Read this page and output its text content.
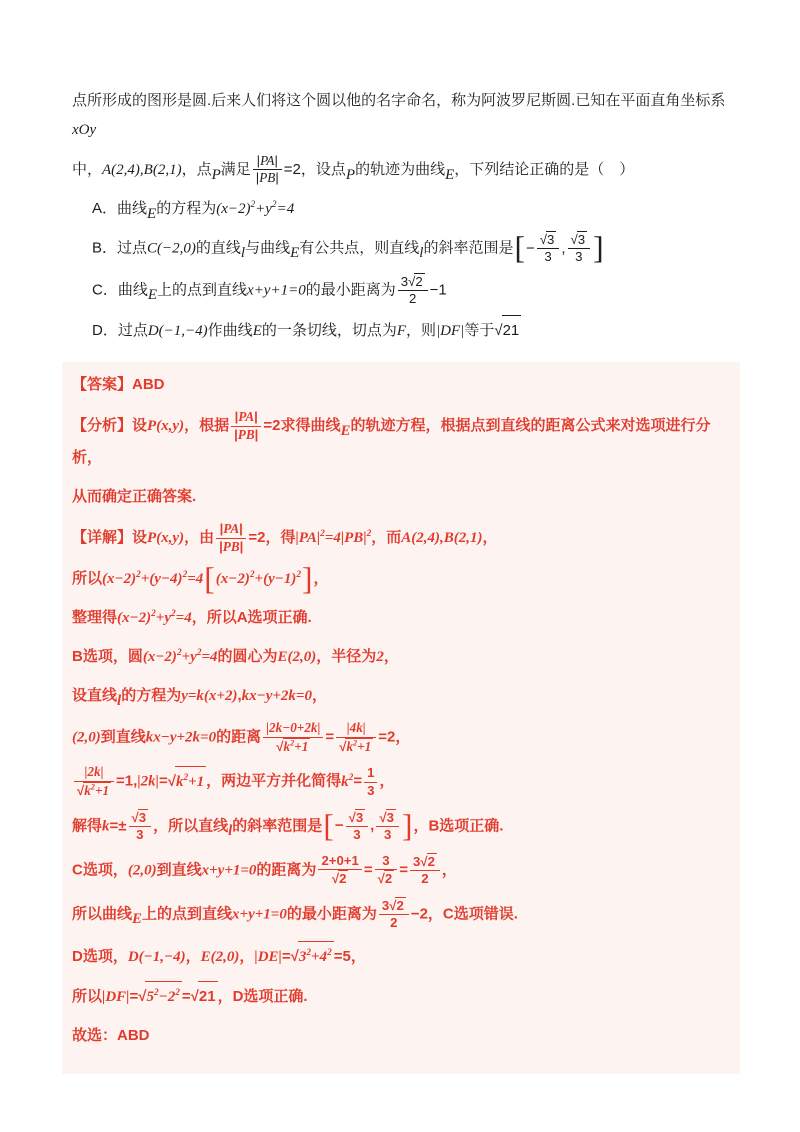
点所形成的图形是圆.后来人们将这个圆以他的名字命名，称为阿波罗尼斯圆.已知在平面直角坐标系xOy
中，A(2,4),B(2,1)，点P满足 $\frac{|PA|}{|PB|} =2$，设点P的轨迹为曲线E，下列结论正确的是（　）
A．曲线E的方程为$(x-2)^2+y^2=4$
B．过点C(−2,0)的直线l与曲线E有公共点，则直线l的斜率范围是 [ − $\frac{√3}{3}$ , $\frac{√3}{3}$ ]
C．曲线E上的点到直线x+y+1=0的最小距离为 $\frac{3√2}{2} -1$
D．过点D(−1,−4)作曲线E的一条切线，切点为F，则|DF|等于√21
【答案】ABD
【分析】设P(x,y)，根据 $\frac{|PA|}{|PB|} =2$求得曲线E的轨迹方程，根据点到直线的距离公式来对选项进行分析，
从而确定正确答案.
【详解】设P(x,y)，由 $\frac{|PA|}{|PB|} =2$，得$|PA|^2=4|PB|^2$，而A(2,4),B(2,1)，
所以$(x-2)^2+(y-4)^2=4$ [ $(x-2)^2+(y-1)^2$ ] ，
整理得$(x-2)^2+y^2=4$，所以A选项正确.
B选项，圆$(x-2)^2+y^2=4$的圆心为E(2,0)，半径为2，
设直线l的方程为y=k(x+2),kx−y+2k=0，
(2,0)到直线kx−y+2k=0的距离 $\frac{|2k-0+2k|}{√k^2+1} = \frac{|4k|}{√k^2+1} =2$，
$\frac{|2k|}{√k^2+1} =1,|2k|=√k^2+1$ ，两边平方并化简得$k^2= \frac{1}{3}$ ，
解得$k=\pm \frac{√3}{3}$ ，所以直线l的斜率范围是 [ − $\frac{√3}{3}$ , $\frac{√3}{3}$ ] ，B选项正确.
C选项，(2,0)到直线x+y+1=0的距离为 $\frac{2+0+1}{√2} = \frac{3}{√2} = \frac{3√2}{2}$ ，
所以曲线E上的点到直线x+y+1=0的最小距离为 $\frac{3√2}{2} -2$，C选项错误.
D选项，D(−1,−4)，E(2,0)，$|DE|=√3^2+4^2 =5$，
所以$|DF|=√5^2-2^2 =√21$ ，D选项正确.
故选：ABD
